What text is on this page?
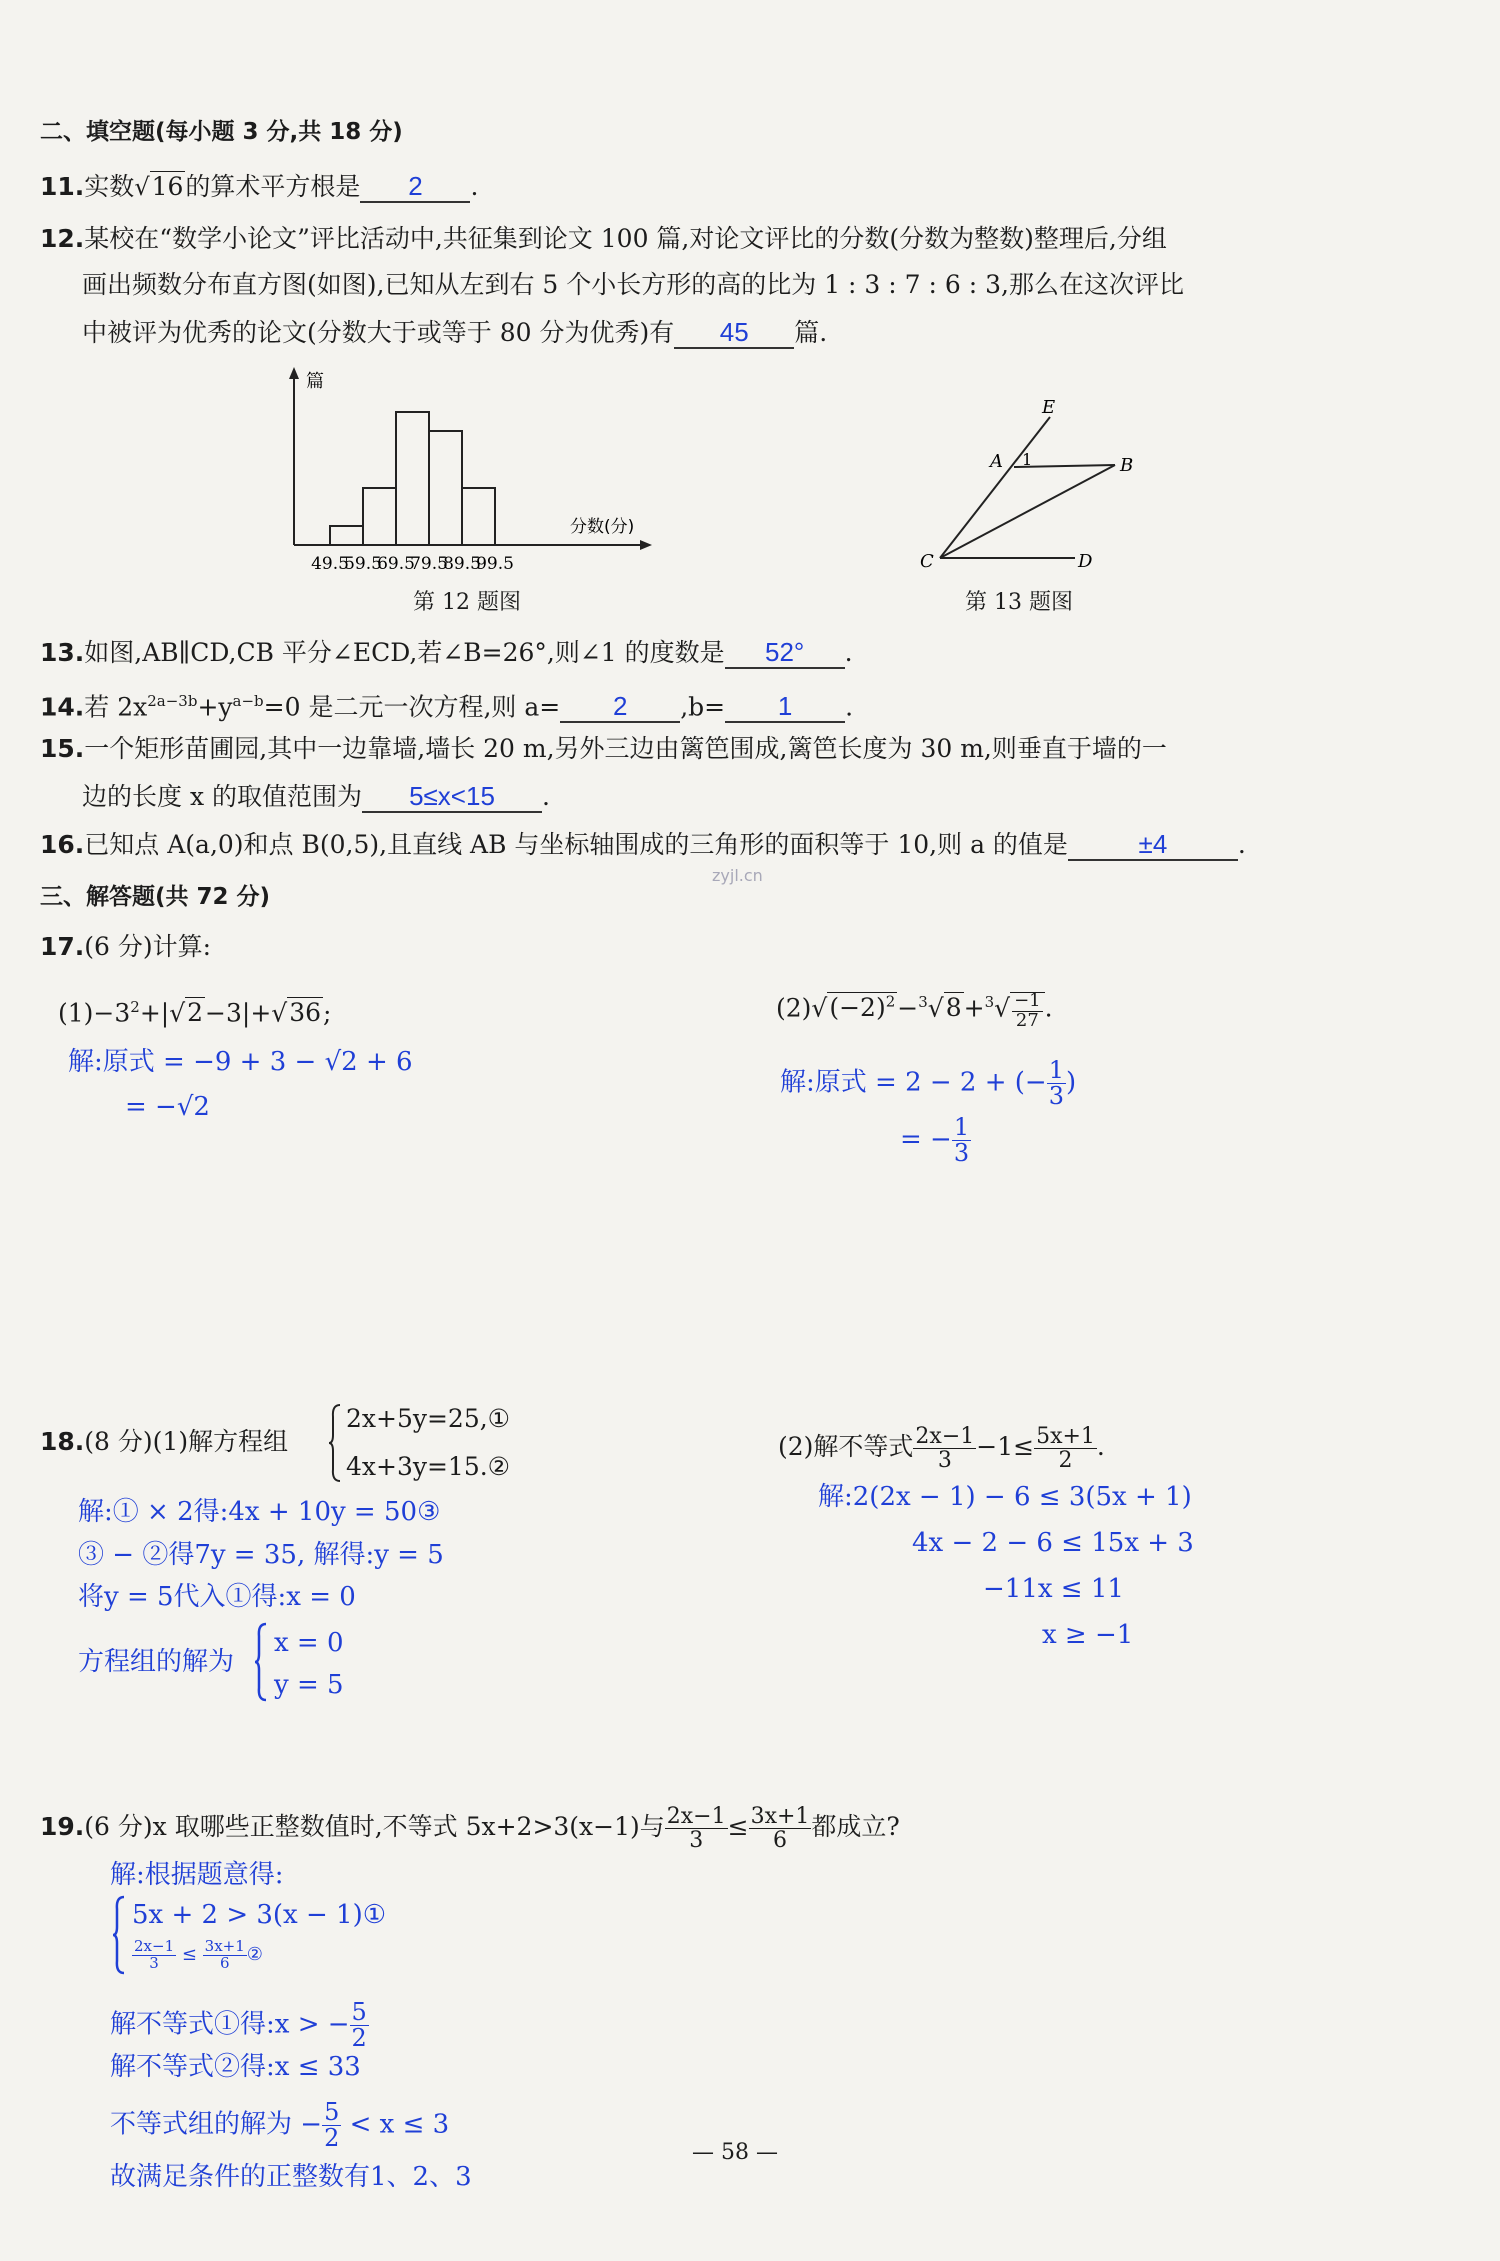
二、填空题(每小题 3 分,共 18 分)
11.实数√16的算术平方根是 2 .
12.某校在“数学小论文”评比活动中,共征集到论文 100 篇,对论文评比的分数(分数为整数)整理后,分组
画出频数分布直方图(如图),已知从左到右 5 个小长方形的高的比为 1 : 3 : 7 : 6 : 3,那么在这次评比
中被评为优秀的论文(分数大于或等于 80 分为优秀)有 45 篇.
篇
分数(分)
49.5
59.5
69.5
79.5
89.5
99.5
第 12 题图
E
A 1	B
C	D
第 13 题图
13.如图,AB∥CD,CB 平分∠ECD,若∠B=26°,则∠1 的度数是 52° .
14.若 $2x^{2a-3b}+y^{a-b}=0$ 是二元一次方程,则 a= 2 ,b= 1 .
15.一个矩形苗圃园,其中一边靠墙,墙长 20 m,另外三边由篱笆围成,篱笆长度为 30 m,则垂直于墙的一
边的长度 x 的取值范围为 5≤x<15 .
16.已知点 A(a,0)和点 B(0,5),且直线 AB 与坐标轴围成的三角形的面积等于 10,则 a 的值是	±4	.
zyjl.cn
三、解答题(共 72 分)
17.(6 分)计算:
$(1)-3^2+|√2-3|+√36$;	$(2)√(-2)^2-^3√8+^3√ \frac{-1}{27}$ .
解:原式 = −9 + 3 − √2 + 6
= −√2
解:原式 = 2 − 2 + (− $\frac{1}{3}$ )
= − $\frac{1}{3}$
18.(8 分)(1)解方程组
2x+5y=25,①
4x+3y=15.②
(2)解不等式 $\frac{2x-1}{3} -1\le \frac{5x+1}{2}$ .
解:① × 2得:4x + 10y = 50③
③ − ②得7y = 35, 解得:y = 5
将y = 5代入①得:x = 0
方程组的解为
x = 0
y = 5
解:2(2x − 1) − 6 ≤ 3(5x + 1)
4x − 2 − 6 ≤ 15x + 3
−11x ≤ 11
x ≥ −1
19.(6 分)x 取哪些正整数值时,不等式 5x+2>3(x−1)与 $\frac{2x-1}{3} \le \frac{3x+1}{6}$ 都成立?
解:根据题意得:
5x + 2 > 3(x − 1)①
$\frac{2x-1}{3} \le \frac{3x+1}{6}$ ②
解不等式①得:x > − $\frac{5}{2}$
解不等式②得:x ≤ 33
不等式组的解为 − $\frac{5}{2} < x \le 3$
故满足条件的正整数有1、2、3
— 58 —
